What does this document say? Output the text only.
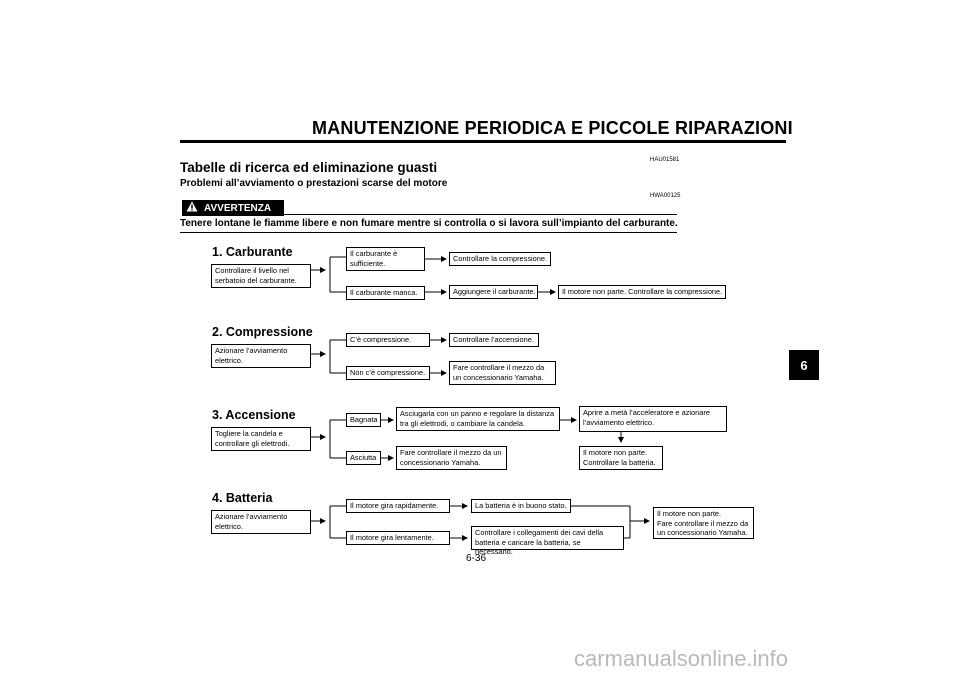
MANUTENZIONE PERIODICA E PICCOLE RIPARAZIONI
HAU01581
Tabelle di ricerca ed eliminazione guasti
Problemi all’avviamento o prestazioni scarse del motore
HWA00125
AVVERTENZA
Tenere lontane le fiamme libere e non fumare mentre si controlla o si lavora sull’impianto del carburante.
1. Carburante
Controllare il livello nel
serbatoio del carburante.
Il carburante è
sufficiente.	Controllare la compressione.
Il carburante manca.	Aggiungere il carburante.	Il motore non parte. Controllare la compressione.
2. Compressione
Azionare l’avviamento
elettrico.
C’è compressione.	Controllare l’accensione.
Non c’è compressione.
Fare controllare il mezzo da
un concessionario Yamaha.
3. Accensione
Togliere la candela e
controllare gli elettrodi.
Bagnata
Asciugarla con un panno e regolare la distanza
tra gli elettrodi, o cambiare la candela.
Aprire a metà l’acceleratore e azionare
l’avviamento elettrico.
Il motore non parte.
Controllare la batteria.
Asciutta
Fare controllare il mezzo da un
concessionario Yamaha.
4. Batteria
Azionare l’avviamento
elettrico.
Il motore gira rapidamente.	La batteria è in buono stato.
Il motore gira lentamente.
Controllare i collegamenti dei cavi della
batteria e caricare la batteria, se necessario.
Il motore non parte.
Fare controllare il mezzo da
un concessionario Yamaha.
6
6-36
carmanualsonline.info
